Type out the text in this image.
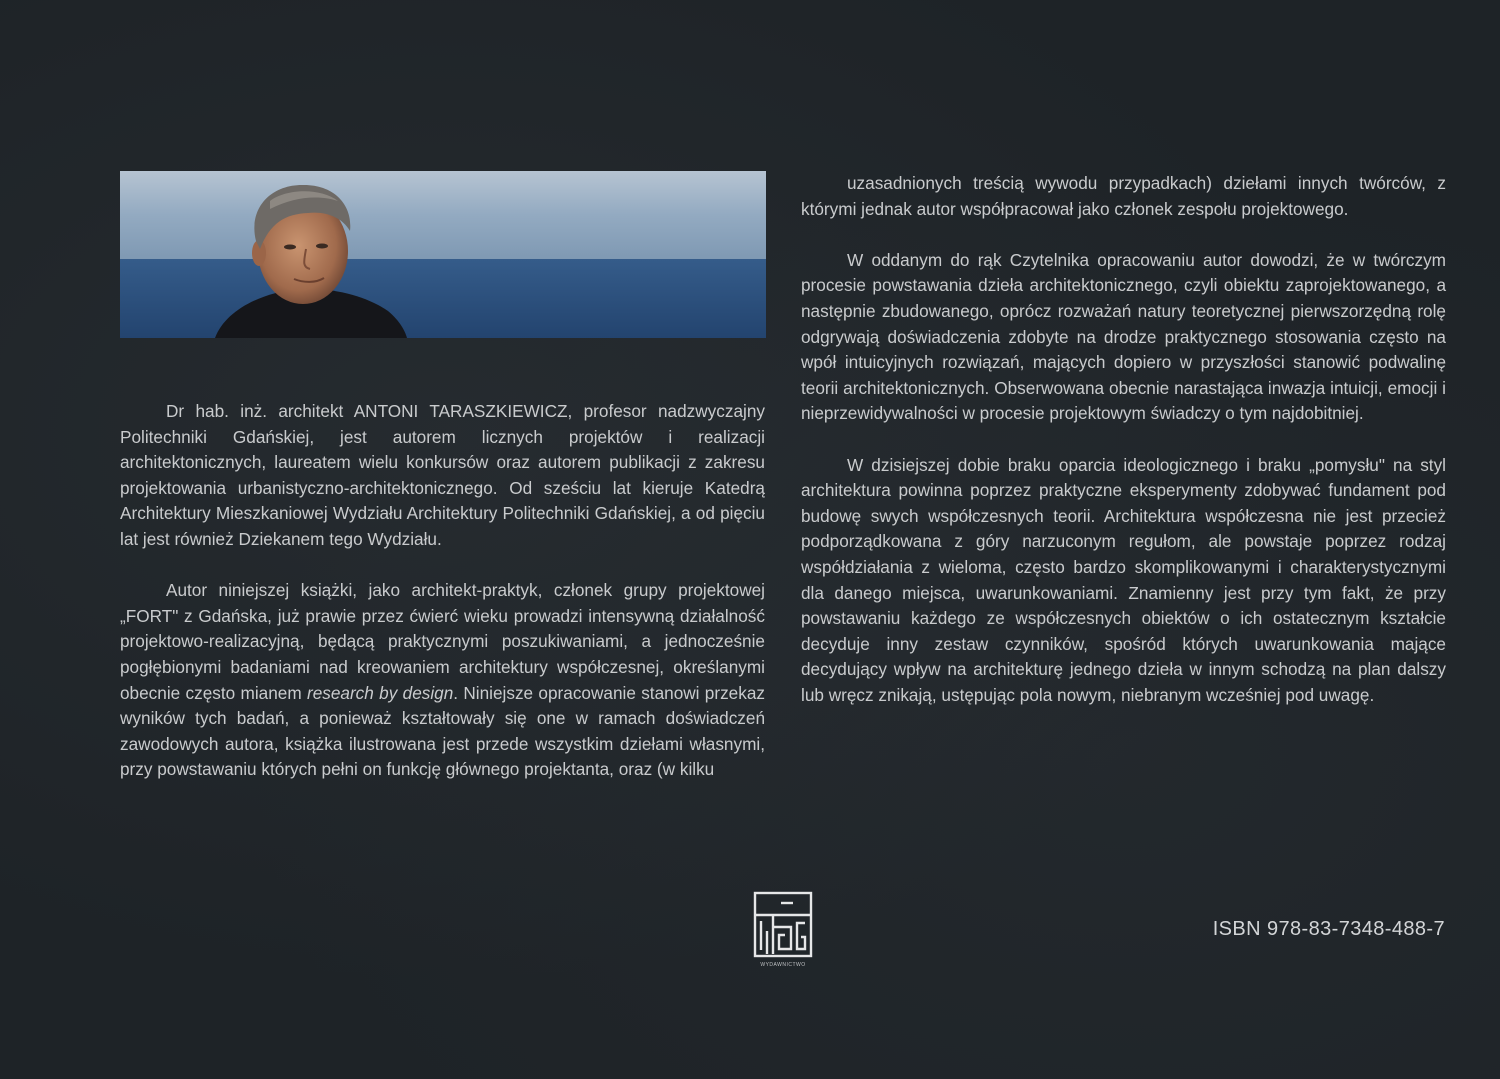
Dr hab. inż. architekt ANTONI TARASZKIEWICZ, profesor nadzwyczajny Politechniki Gdańskiej, jest autorem licznych projektów i realizacji architektonicznych, laureatem wielu konkursów oraz autorem publikacji z zakresu projektowania urbanistyczno-architektonicznego. Od sześciu lat kieruje Katedrą Architektury Mieszkaniowej Wydziału Architektury Politechniki Gdańskiej, a od pięciu lat jest również Dziekanem tego Wydziału.

Autor niniejszej książki, jako architekt-praktyk, członek grupy projektowej „FORT" z Gdańska, już prawie przez ćwierć wieku prowadzi intensywną działalność projektowo-realizacyjną, będącą praktycznymi poszukiwaniami, a jednocześnie pogłębionymi badaniami nad kreowaniem architektury współczesnej, określanymi obecnie często mianem research by design. Niniejsze opracowanie stanowi przekaz wyników tych badań, a ponieważ kształtowały się one w ramach doświadczeń zawodowych autora, książka ilustrowana jest przede wszystkim dziełami własnymi, przy powstawaniu których pełni on funkcję głównego projektanta, oraz (w kilku

uzasadnionych treścią wywodu przypadkach) dziełami innych twórców, z którymi jednak autor współpracował jako członek zespołu projektowego.

W oddanym do rąk Czytelnika opracowaniu autor dowodzi, że w twórczym procesie powstawania dzieła architektonicznego, czyli obiektu zaprojektowanego, a następnie zbudowanego, oprócz rozważań natury teoretycznej pierwszorzędną rolę odgrywają doświadczenia zdobyte na drodze praktycznego stosowania często na wpół intuicyjnych rozwiązań, mających dopiero w przyszłości stanowić podwalinę teorii architektonicznych. Obserwowana obecnie narastająca inwazja intuicji, emocji i nieprzewidywalności w procesie projektowym świadczy o tym najdobitniej.

W dzisiejszej dobie braku oparcia ideologicznego i braku „pomysłu" na styl architektura powinna poprzez praktyczne eksperymenty zdobywać fundament pod budowę swych współczesnych teorii. Architektura współczesna nie jest przecież podporządkowana z góry narzuconym regułom, ale powstaje poprzez rodzaj współdziałania z wieloma, często bardzo skomplikowanymi i charakterystycznymi dla danego miejsca, uwarunkowaniami. Znamienny jest przy tym fakt, że przy powstawaniu każdego ze współczesnych obiektów o ich ostatecznym kształcie decyduje inny zestaw czynników, spośród których uwarunkowania mające decydujący wpływ na architekturę jednego dzieła w innym schodzą na plan dalszy lub wręcz znikają, ustępując pola nowym, niebranym wcześniej pod uwagę.

WYDAWNICTWO
ISBN 978-83-7348-488-7
